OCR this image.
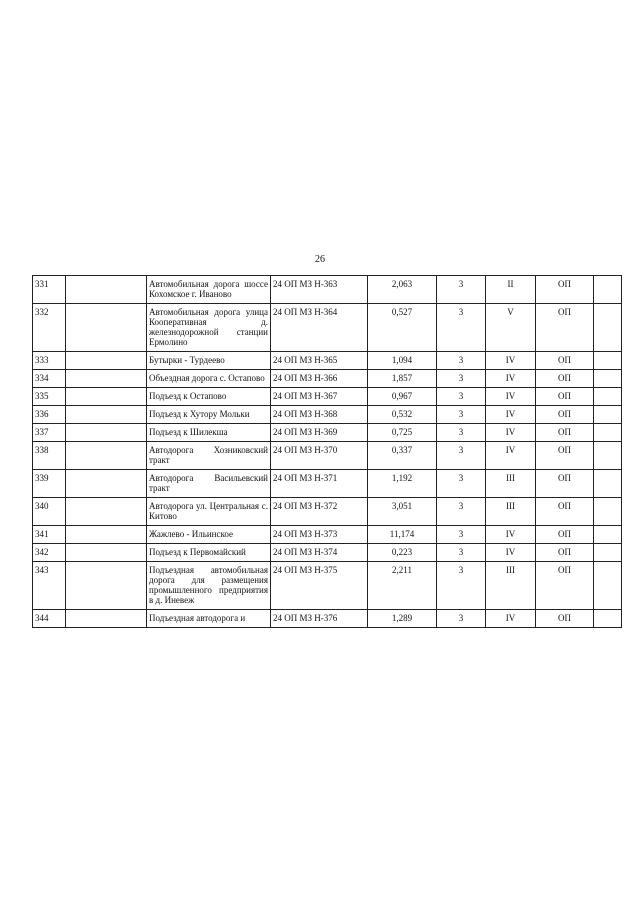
26
331		Автомобильная дорога шоссе Кохомское г. Иваново	24 ОП МЗ Н-363	2,063	3	II	ОП	
332		Автомобильная дорога улица Кооперативная д. железнодорожной станции Ермолино	24 ОП МЗ Н-364	0,527	3	V	ОП	
333		Бутырки - Турдеево	24 ОП МЗ Н-365	1,094	3	IV	ОП	
334		Объездная дорога с. Остапово	24 ОП МЗ Н-366	1,857	3	IV	ОП	
335		Подъезд к Остапово	24 ОП МЗ Н-367	0,967	3	IV	ОП	
336		Подъезд к Хутору Мольки	24 ОП МЗ Н-368	0,532	3	IV	ОП	
337		Подъезд к Шилекша	24 ОП МЗ Н-369	0,725	3	IV	ОП	
338		Автодорога Хозниковский тракт	24 ОП МЗ Н-370	0,337	3	IV	ОП	
339		Автодорога Васильевский тракт	24 ОП МЗ Н-371	1,192	3	III	ОП	
340		Автодорога ул. Центральная с. Китово	24 ОП МЗ Н-372	3,051	3	III	ОП	
341		Жажлево - Ильинское	24 ОП МЗ Н-373	11,174	3	IV	ОП	
342		Подъезд к Первомайский	24 ОП МЗ Н-374	0,223	3	IV	ОП	
343		Подъездная автомобильная дорога для размещения промышленного предприятия в д. Иневеж	24 ОП МЗ Н-375	2,211	3	III	ОП	
344		Подъездная автодорога и	24 ОП МЗ Н-376	1,289	3	IV	ОП	
